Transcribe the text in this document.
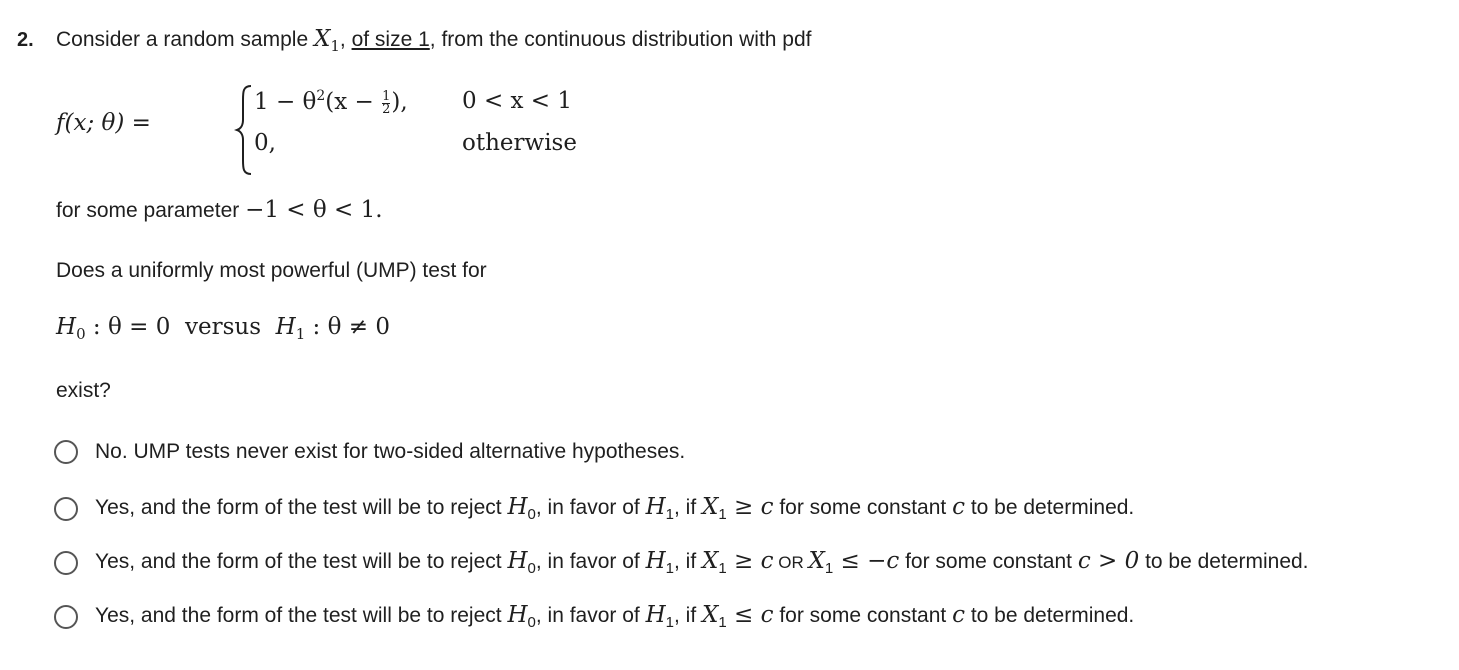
2. Consider a random sample $X_1$, of size 1, from the continuous distribution with pdf
f(x; θ) =
$1 - \theta^2(x - \frac{1}{2}$ ), 0 < x < 1
0,	otherwise
for some parameter −1 < θ < 1.
Does a uniformly most powerful (UMP) test for
$H_0$ : θ = 0  versus  $H_1$ : θ ≠ 0
exist?
No. UMP tests never exist for two-sided alternative hypotheses.
Yes, and the form of the test will be to reject $H_0$, in favor of $H_1$, if $X_1 \ge c$ for some constant c to be determined.
Yes, and the form of the test will be to reject $H_0$, in favor of $H_1$, if $X_1 \ge c$ OR $X_1 \le -c$ for some constant c > 0 to be determined.
Yes, and the form of the test will be to reject $H_0$, in favor of $H_1$, if $X_1 \le c$ for some constant c to be determined.
